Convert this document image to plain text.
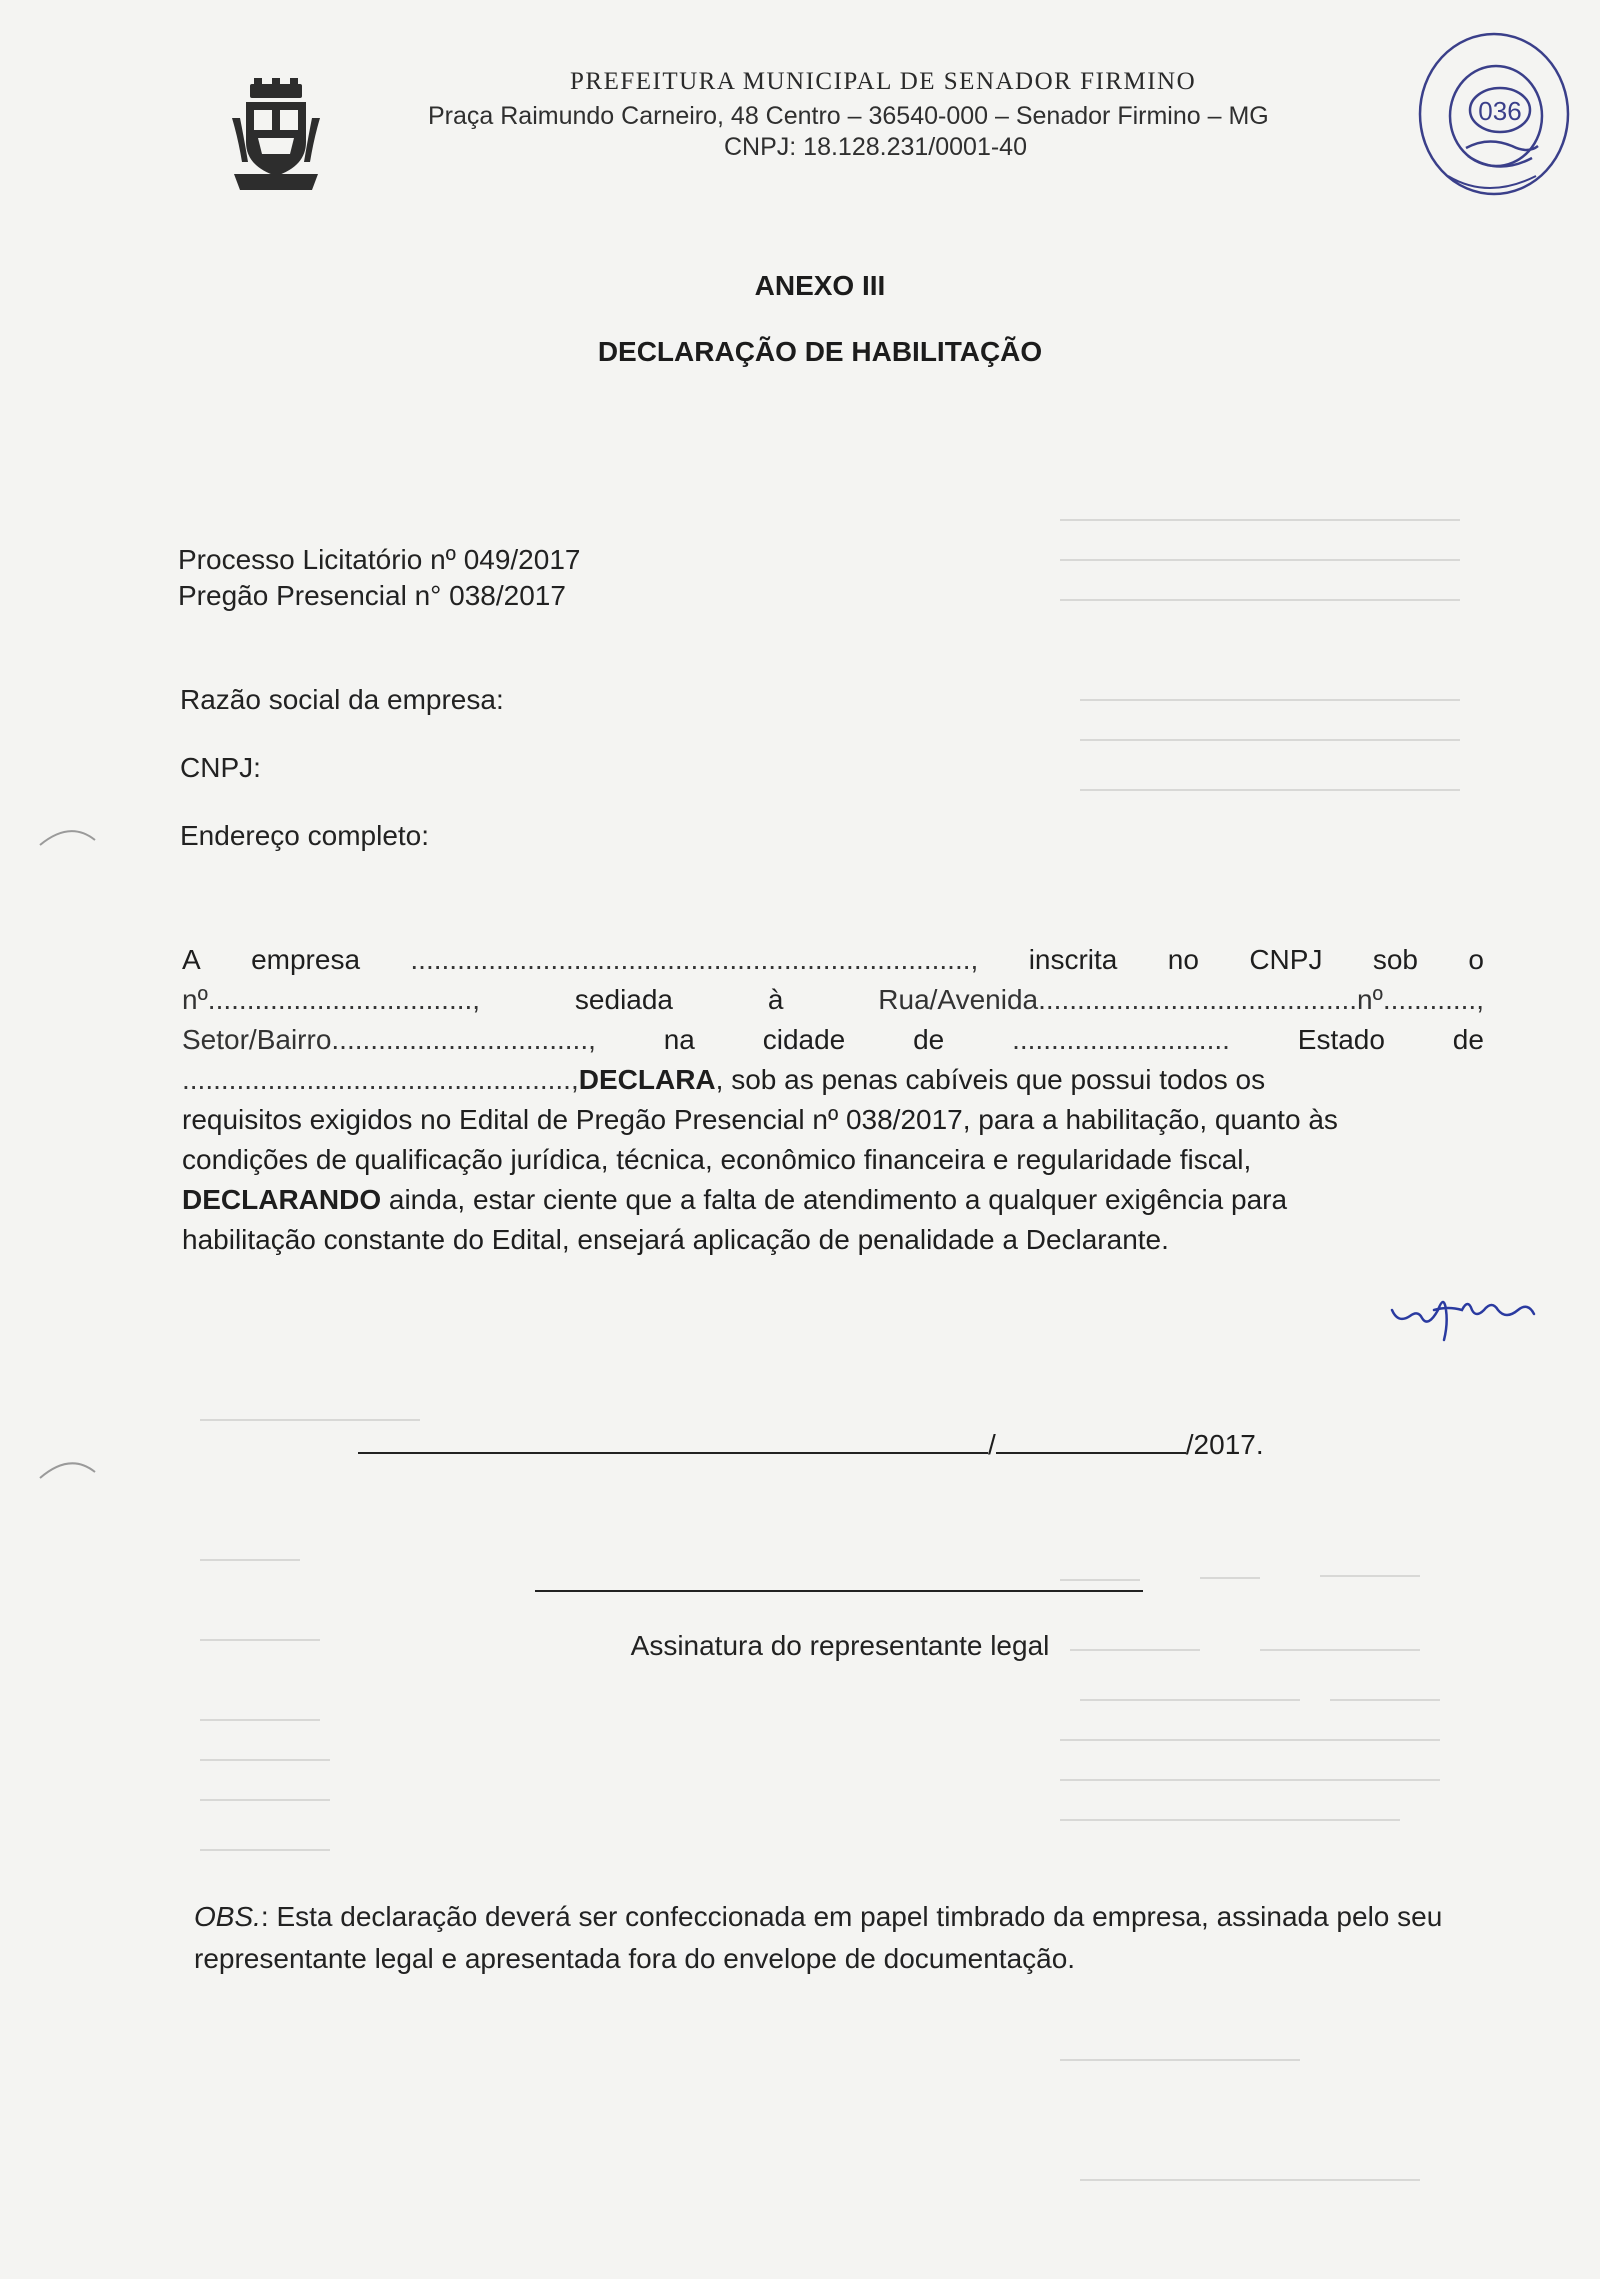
PREFEITURA MUNICIPAL DE SENADOR FIRMINO
Praça Raimundo Carneiro, 48 Centro – 36540-000 – Senador Firmino – MG
CNPJ: 18.128.231/0001-40
036
ANEXO III
DECLARAÇÃO DE HABILITAÇÃO
Processo Licitatório nº 049/2017
Pregão Presencial n° 038/2017
Razão social da empresa:
CNPJ:
Endereço completo:
A empresa ........................................................................, inscrita no CNPJ sob o
nº..................................,	sediada	à	Rua/Avenida.........................................nº............,
Setor/Bairro................................., na cidade de ............................ Estado de
.................................................., DECLARA , sob as penas cabíveis que possui todos os
requisitos exigidos no Edital de Pregão Presencial nº 038/2017, para a habilitação, quanto às
condições de qualificação jurídica, técnica, econômico financeira e regularidade fiscal,
DECLARANDO ainda, estar ciente que a falta de atendimento a qualquer exigência para
habilitação constante do Edital, ensejará aplicação de penalidade a Declarante.
/	/2017.
Assinatura do representante legal
OBS.: Esta declaração deverá ser confeccionada em papel timbrado da empresa, assinada pelo seu representante legal e apresentada fora do envelope de documentação.
